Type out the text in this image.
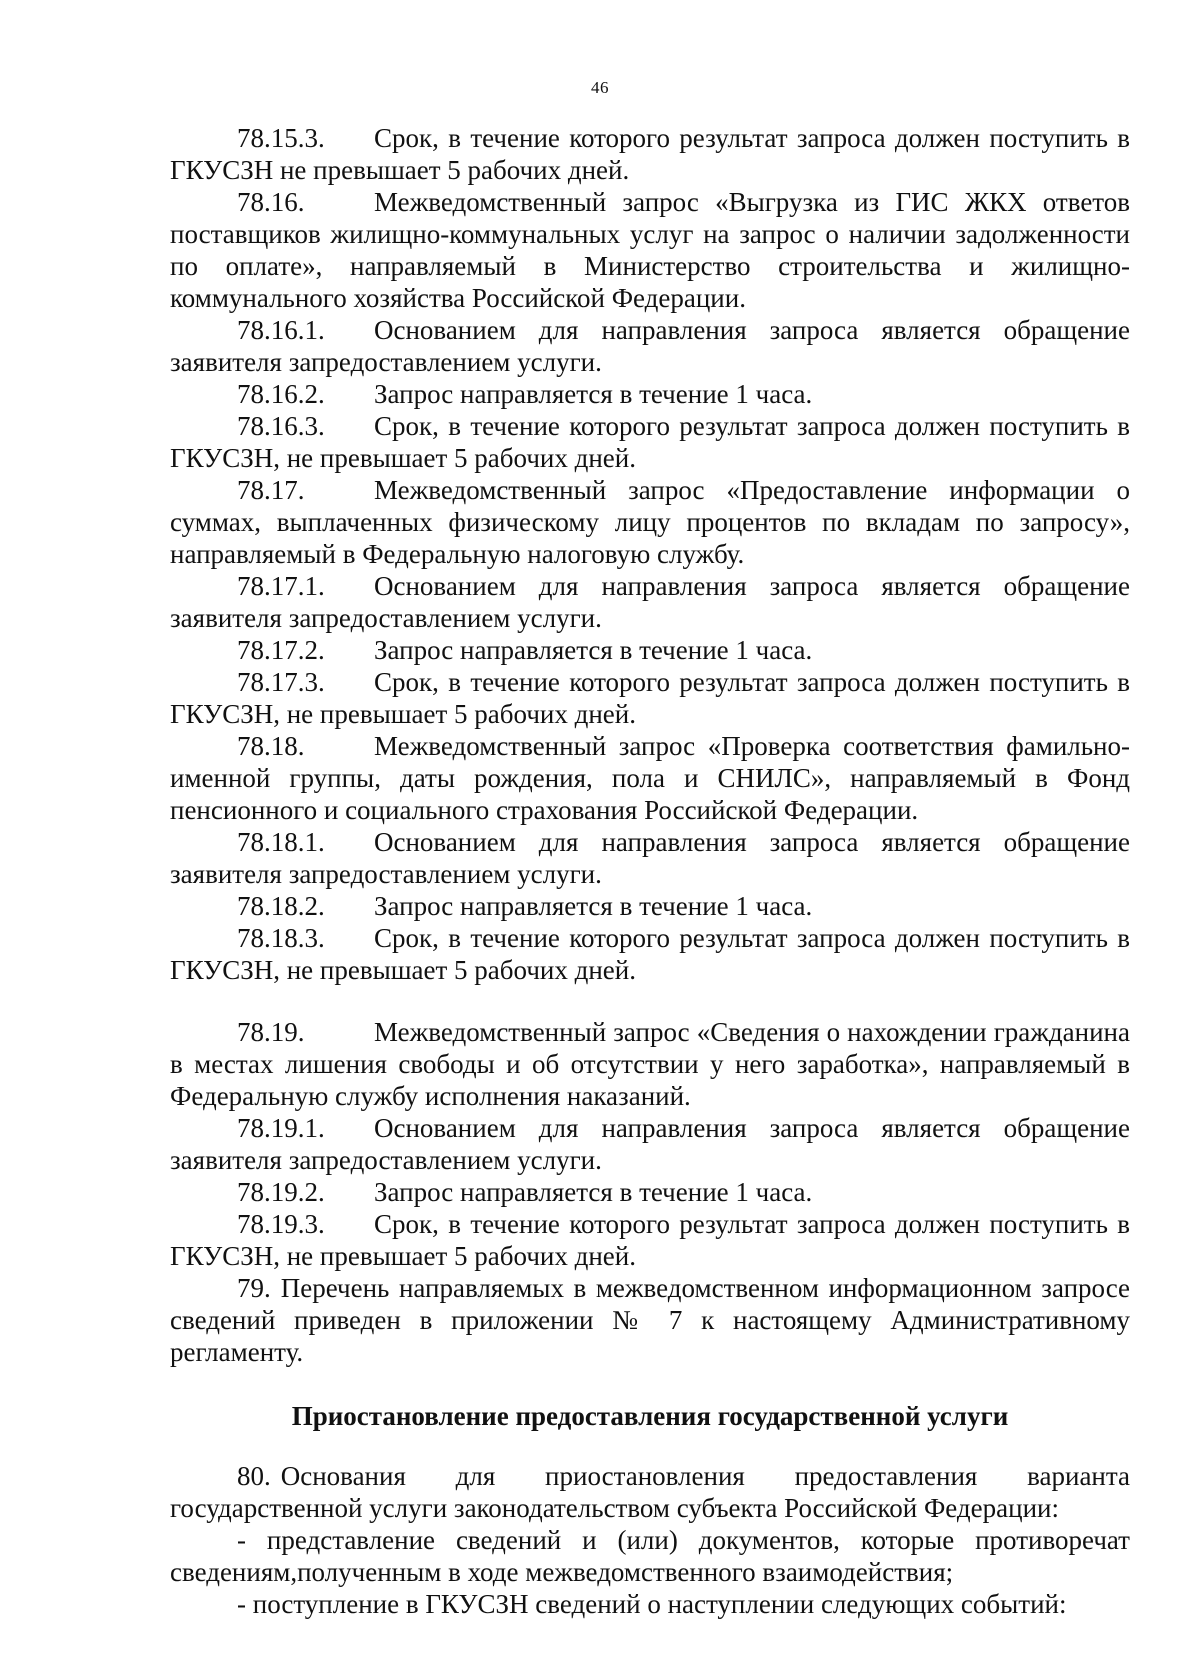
46

78.15.3. Срок, в течение которого результат запроса должен поступить в ГКУСЗН не превышает 5 рабочих дней.

78.16.	Межведомственный запрос «Выгрузка из ГИС ЖКХ ответов поставщиков жилищно-коммунальных услуг на запрос о наличии задолженности по оплате», направляемый в Министерство строительства и жилищно-коммунального хозяйства Российской Федерации.

78.16.1. Основанием для направления запроса является обращение заявителя запредоставлением услуги.

78.16.2. Запрос направляется в течение 1 часа.

78.16.3. Срок, в течение которого результат запроса должен поступить в ГКУСЗН, не превышает 5 рабочих дней.

78.17.	Межведомственный запрос «Предоставление информации о суммах, выплаченных физическому лицу процентов по вкладам по запросу», направляемый в Федеральную налоговую службу.

78.17.1. Основанием для направления запроса является обращение заявителя запредоставлением услуги.

78.17.2. Запрос направляется в течение 1 часа.

78.17.3. Срок, в течение которого результат запроса должен поступить в ГКУСЗН, не превышает 5 рабочих дней.

78.18.	Межведомственный запрос «Проверка соответствия фамильно-именной группы, даты рождения, пола и СНИЛС», направляемый в Фонд пенсионного и социального страхования Российской Федерации.

78.18.1. Основанием для направления запроса является обращение заявителя запредоставлением услуги.

78.18.2. Запрос направляется в течение 1 часа.

78.18.3. Срок, в течение которого результат запроса должен поступить в ГКУСЗН, не превышает 5 рабочих дней.

78.19.	Межведомственный запрос «Сведения о нахождении гражданина в местах лишения свободы и об отсутствии у него заработка», направляемый в Федеральную службу исполнения наказаний.

78.19.1. Основанием для направления запроса является обращение заявителя запредоставлением услуги.

78.19.2. Запрос направляется в течение 1 часа.

78.19.3. Срок, в течение которого результат запроса должен поступить в ГКУСЗН, не превышает 5 рабочих дней.

79. Перечень направляемых в межведомственном информационном запросе сведений приведен в приложении № 7 к настоящему Административному регламенту.

Приостановление предоставления государственной услуги

80. Основания для приостановления предоставления варианта государственной услуги законодательством субъекта Российской Федерации:

- представление сведений и (или) документов, которые противоречат сведениям,полученным в ходе межведомственного взаимодействия;

- поступление в ГКУСЗН сведений о наступлении следующих событий:
